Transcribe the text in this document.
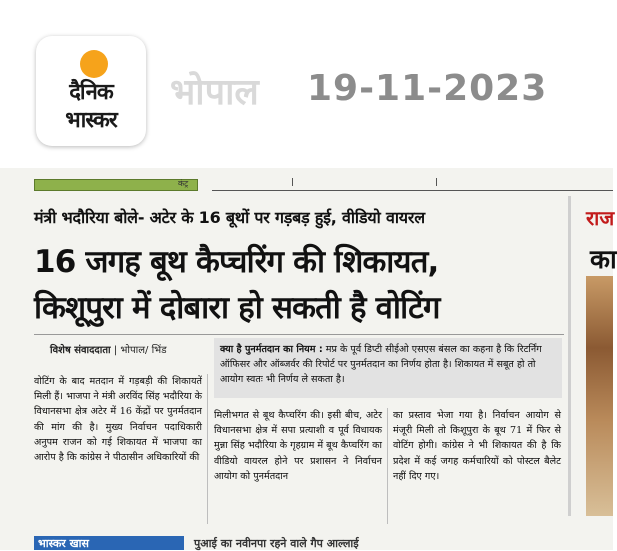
दैनिक
भास्कर
भोपाल 19-11-2023
कंट्र
मंत्री भदौरिया बोले- अटेर के 16 बूथों पर गड़बड़ हुई, वीडियो वायरल
16 जगह बूथ कैप्चरिंग की शिकायत,
किशूपुरा में दोबारा हो सकती है वोटिंग
विशेष संवाददाता | भोपाल/ भिंड	क्या है पुनर्मतदान का नियम : मप्र के पूर्व डिप्टी सीईओ एसएस बंसल का कहना है कि रिटर्निंग ऑफिसर और ऑब्जर्वर की रिपोर्ट पर पुनर्मतदान का निर्णय होता है। शिकायत में सबूत हो तो आयोग स्वतः भी निर्णय ले सकता है।
वोटिंग के बाद मतदान में गड़बड़ी की शिकायतें मिली हैं। भाजपा ने मंत्री अरविंद सिंह भदौरिया के विधानसभा क्षेत्र अटेर में 16 केंद्रों पर पुनर्मतदान की मांग की है। मुख्य निर्वाचन पदाधिकारी अनुपम राजन को गई शिकायत में भाजपा का आरोप है कि कांग्रेस ने पीठासीन अधिकारियों की
मिलीभगत से बूथ कैप्चरिंग की। इसी बीच, अटेर विधानसभा क्षेत्र में सपा प्रत्याशी व पूर्व विधायक मुन्ना सिंह भदौरिया के गृहग्राम में बूथ कैप्चरिंग का वीडियो वायरल होने पर प्रशासन ने निर्वाचन आयोग को पुनर्मतदान
का प्रस्ताव भेजा गया है। निर्वाचन आयोग से मंजूरी मिली तो किशूपुरा के बूथ 71 में फिर से वोटिंग होगी। कांग्रेस ने भी शिकायत की है कि प्रदेश में कई जगह कर्मचारियों को पोस्टल बैलेट नहीं दिए गए।
राज
का
भास्कर खास	पुआई का नवीनपा रहने वाले गैप आल्लाई
